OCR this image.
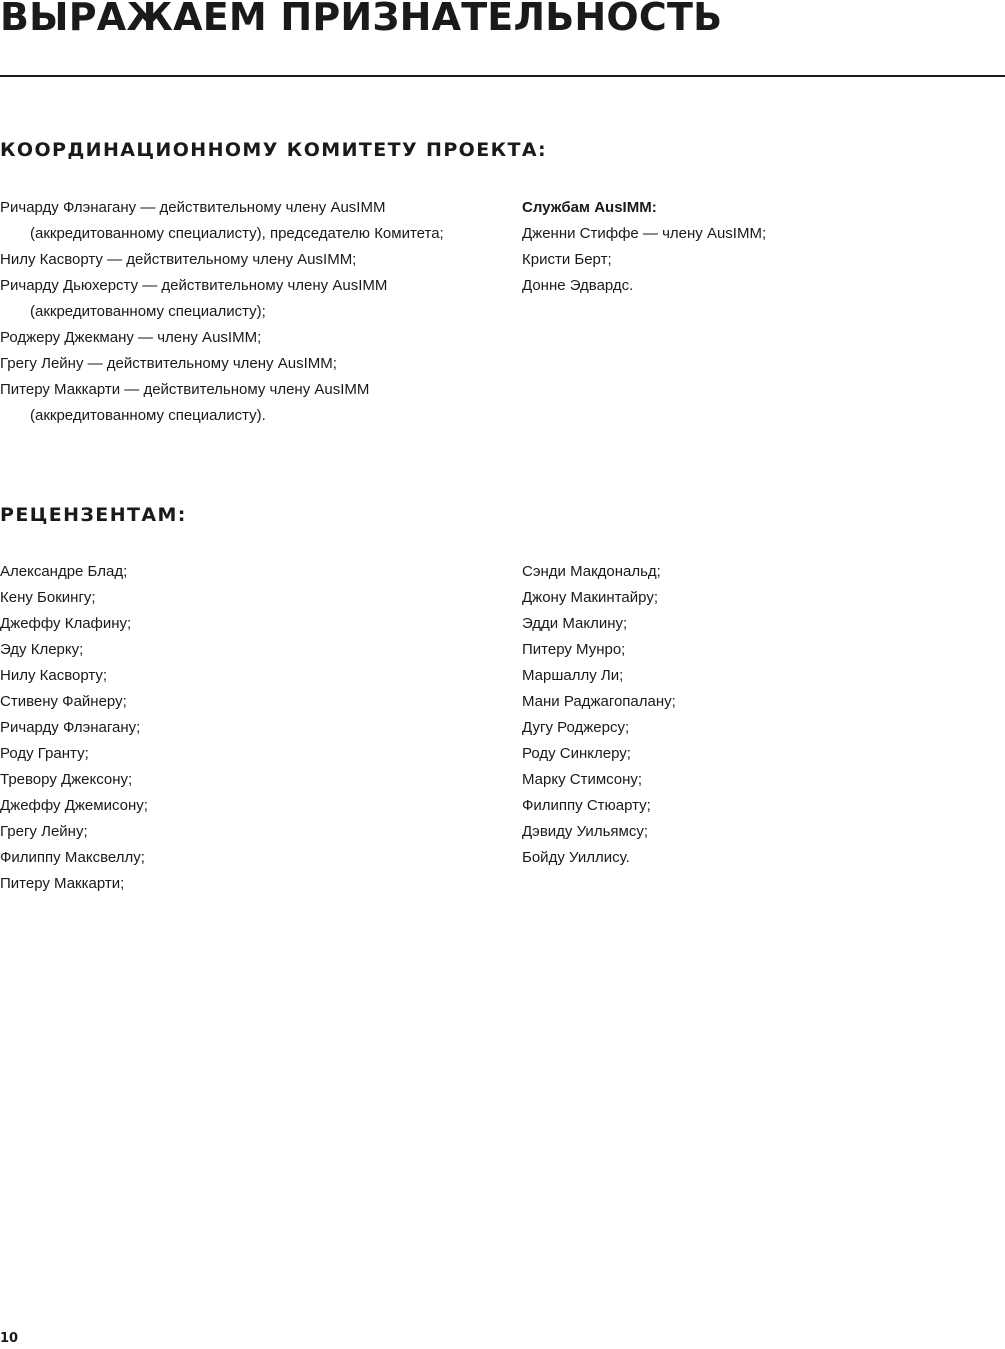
ВЫРАЖАЕМ ПРИЗНАТЕЛЬНОСТЬ
КООРДИНАЦИОННОМУ КОМИТЕТУ ПРОЕКТА:
Ричарду Флэнагану — действительному члену AusIMM
(аккредитованному специалисту), председателю Комитета;
Нилу Касворту — действительному члену AusIMM;
Ричарду Дьюхерсту — действительному члену AusIMM
(аккредитованному специалисту);
Роджеру Джекману — члену AusIMM;
Грегу Лейну — действительному члену AusIMM;
Питеру Маккарти — действительному члену AusIMM
(аккредитованному специалисту).
Службам AusIMM:
Дженни Стиффе — члену AusIMM;
Кристи Берт;
Донне Эдвардс.
РЕЦЕНЗЕНТАМ:
Александре Блад;
Кену Бокингу;
Джеффу Клафину;
Эду Клерку;
Нилу Касворту;
Стивену Файнеру;
Ричарду Флэнагану;
Роду Гранту;
Тревору Джексону;
Джеффу Джемисону;
Грегу Лейну;
Филиппу Максвеллу;
Питеру Маккарти;
Сэнди Макдональд;
Джону Макинтайру;
Эдди Маклину;
Питеру Мунро;
Маршаллу Ли;
Мани Раджагопалану;
Дугу Роджерсу;
Роду Синклеру;
Марку Стимсону;
Филиппу Стюарту;
Дэвиду Уильямсу;
Бойду Уиллису.
10
